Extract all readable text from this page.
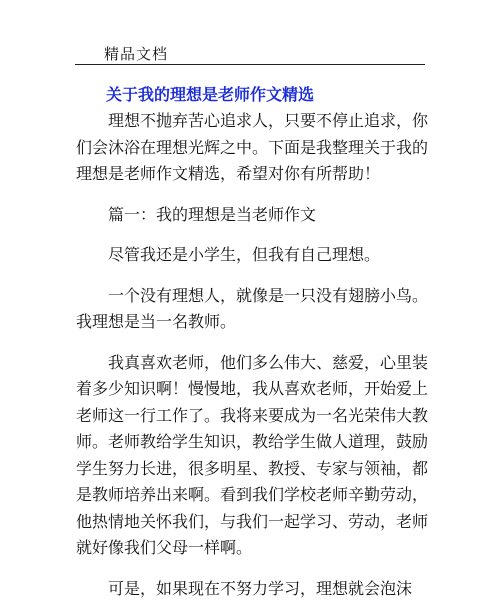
精品文档

关于我的理想是老师作文精选

理想不抛弃苦心追求人，只要不停止追求，你们会沐浴在理想光辉之中。下面是我整理关于我的理想是老师作文精选，希望对你有所帮助！

篇一：我的理想是当老师作文

尽管我还是小学生，但我有自己理想。

一个没有理想人，就像是一只没有翅膀小鸟。我理想是当一名教师。

我真喜欢老师，他们多么伟大、慈爱，心里装着多少知识啊！慢慢地，我从喜欢老师，开始爱上老师这一行工作了。我将来要成为一名光荣伟大教师。老师教给学生知识，教给学生做人道理，鼓励学生努力长进，很多明星、教授、专家与领袖，都是教师培养出来啊。看到我们学校老师辛勤劳动，他热情地关怀我们，与我们一起学习、劳动，老师就好像我们父母一样啊。

可是，如果现在不努力学习，理想就会泡沫
